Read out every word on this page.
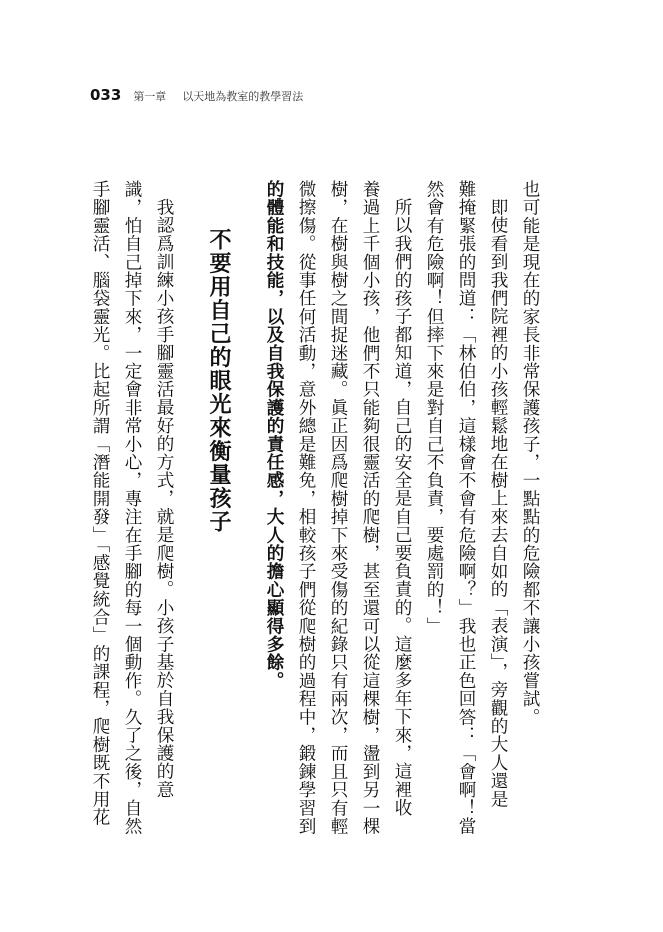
033 第一章 以天地為教室的教學習法
也可能是現在的家長非常保護孩子，一點點的危險都不讓小孩嘗試。
即使看到我們院裡的小孩輕鬆地在樹上來去自如的「表演」，旁觀的大人還是
難掩緊張的問道：「林伯伯，這樣會不會有危險啊？」我也正色回答：「會啊！當
然會有危險啊！但摔下來是對自己不負責，要處罰的！」
所以我們的孩子都知道，自己的安全是自己要負責的。這麼多年下來，這裡收
養過上千個小孩，他們不只能夠很靈活的爬樹，甚至還可以從這棵樹，盪到另一棵
樹，在樹與樹之間捉迷藏。眞正因爲爬樹掉下來受傷的紀錄只有兩次，而且只有輕
微擦傷。從事任何活動，意外總是難免，相較孩子們從爬樹的過程中，鍛鍊學習到
的體能和技能，以及自我保護的責任感，大人的擔心顯得多餘。
不要用自己的眼光來衡量孩子
我認爲訓練小孩手腳靈活最好的方式，就是爬樹。小孩子基於自我保護的意
識，怕自己掉下來，一定會非常小心，專注在手腳的每一個動作。久了之後，自然
手腳靈活、腦袋靈光。比起所謂「潛能開發」「感覺統合」的課程，爬樹既不用花
